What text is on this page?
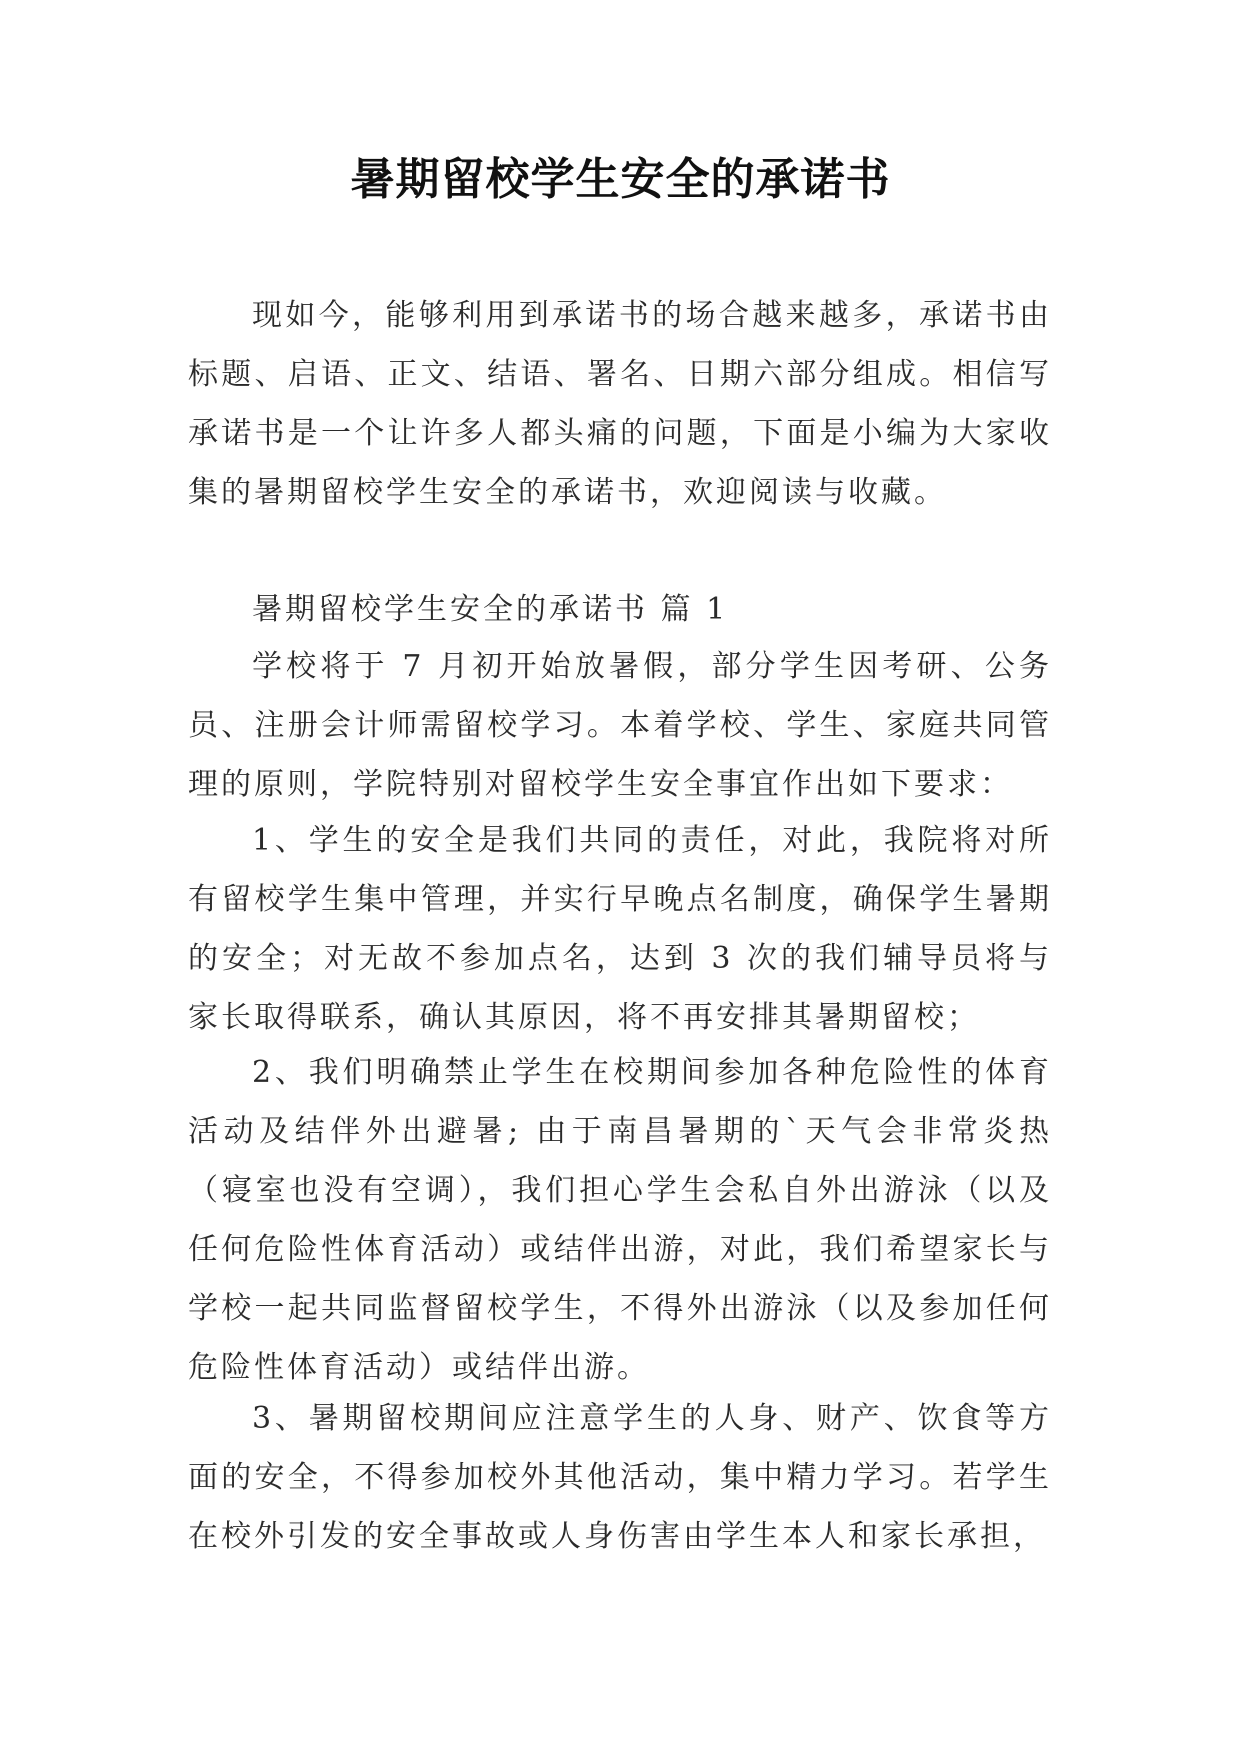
暑期留校学生安全的承诺书

现如今，能够利用到承诺书的场合越来越多，承诺书由标题、启语、正文、结语、署名、日期六部分组成。相信写承诺书是一个让许多人都头痛的问题，下面是小编为大家收集的暑期留校学生安全的承诺书，欢迎阅读与收藏。

暑期留校学生安全的承诺书 篇 1

学校将于 7 月初开始放暑假，部分学生因考研、公务员、注册会计师需留校学习。本着学校、学生、家庭共同管理的原则，学院特别对留校学生安全事宜作出如下要求：

1、学生的安全是我们共同的责任，对此，我院将对所有留校学生集中管理，并实行早晚点名制度，确保学生暑期的安全；对无故不参加点名，达到 3 次的我们辅导员将与家长取得联系，确认其原因，将不再安排其暑期留校；

2、我们明确禁止学生在校期间参加各种危险性的体育活动及结伴外出避暑; 由于南昌暑期的`天气会非常炎热（寝室也没有空调），我们担心学生会私自外出游泳（以及任何危险性体育活动）或结伴出游，对此，我们希望家长与学校一起共同监督留校学生，不得外出游泳（以及参加任何危险性体育活动）或结伴出游。

3、暑期留校期间应注意学生的人身、财产、饮食等方面的安全，不得参加校外其他活动，集中精力学习。若学生在校外引发的安全事故或人身伤害由学生本人和家长承担，
